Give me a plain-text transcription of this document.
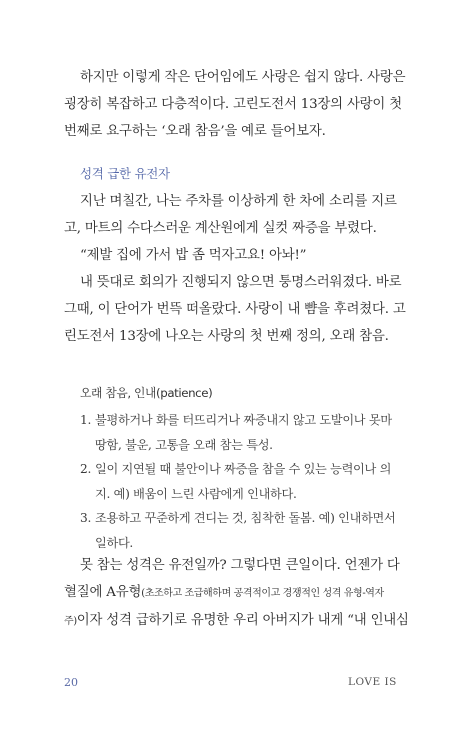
하지만 이렇게 작은 단어임에도 사랑은 쉽지 않다. 사랑은
굉장히 복잡하고 다층적이다. 고린도전서 13장의 사랑이 첫
번째로 요구하는 ‘오래 참음’을 예로 들어보자.
성격 급한 유전자
지난 며칠간, 나는 주차를 이상하게 한 차에 소리를 지르
고, 마트의 수다스러운 계산원에게 실컷 짜증을 부렸다.
“제발 집에 가서 밥 좀 먹자고요! 아놔!”
내 뜻대로 회의가 진행되지 않으면 퉁명스러워졌다. 바로
그때, 이 단어가 번뜩 떠올랐다. 사랑이 내 뺨을 후려쳤다. 고
린도전서 13장에 나오는 사랑의 첫 번째 정의, 오래 참음.
오래 참음, 인내(patience)
1. 불평하거나 화를 터뜨리거나 짜증내지 않고 도발이나 못마
땅함, 불운, 고통을 오래 참는 특성.
2. 일이 지연될 때 불안이나 짜증을 참을 수 있는 능력이나 의
지. 예) 배움이 느린 사람에게 인내하다.
3. 조용하고 꾸준하게 견디는 것, 침착한 돌봄. 예) 인내하면서
일하다.
못 참는 성격은 유전일까? 그렇다면 큰일이다. 언젠가 다
혈질에 A유형(초조하고 조급해하며 공격적이고 경쟁적인 성격 유형-역자
주)이자 성격 급하기로 유명한 우리 아버지가 내게 “내 인내심
20	LOVE IS
